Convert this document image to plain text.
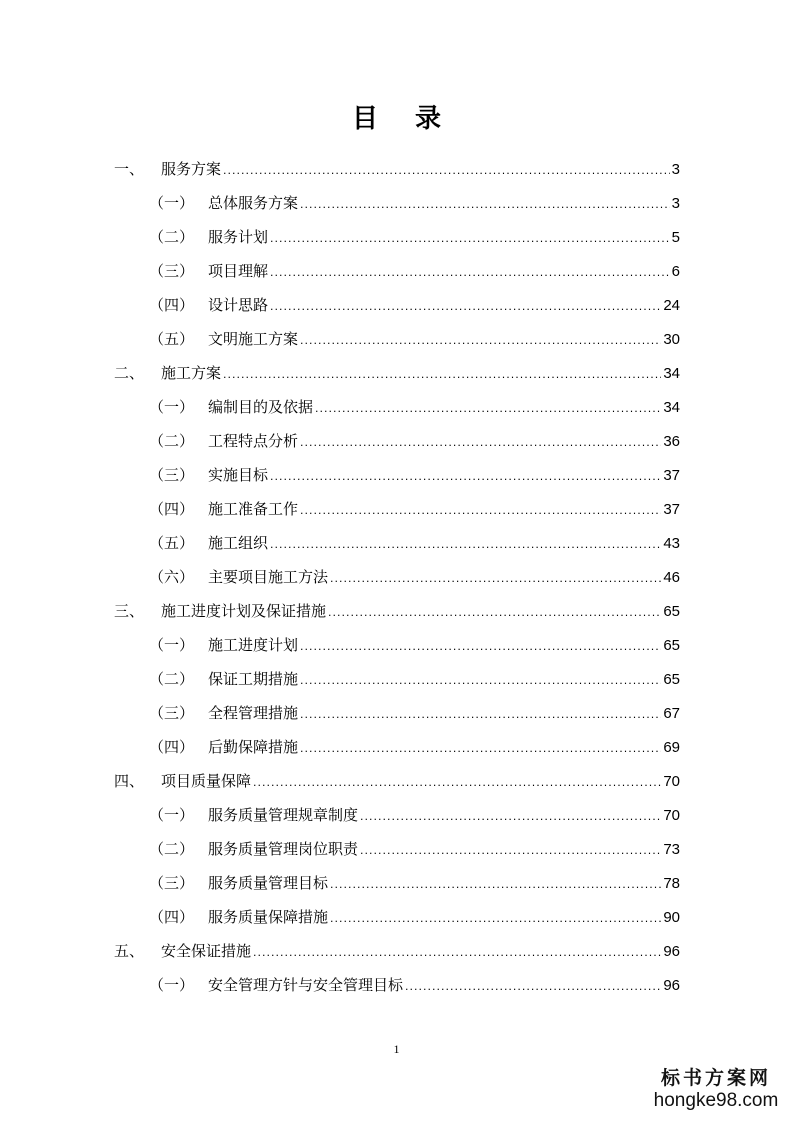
目 录
一、	服务方案 .....	3
（一） 总体服务方案 .....	3
（二） 服务计划 .....	5
（三） 项目理解 .....	6
（四） 设计思路 .....	24
（五） 文明施工方案 .....	30
二、	施工方案 .....	34
（一） 编制目的及依据 .....	34
（二） 工程特点分析 .....	36
（三） 实施目标 .....	37
（四） 施工准备工作 .....	37
（五） 施工组织 .....	43
（六） 主要项目施工方法 .....	46
三、	施工进度计划及保证措施 .....	65
（一） 施工进度计划 .....	65
（二） 保证工期措施 .....	65
（三） 全程管理措施 .....	67
（四） 后勤保障措施 .....	69
四、	项目质量保障 .....	70
（一） 服务质量管理规章制度 .....	70
（二） 服务质量管理岗位职责 .....	73
（三） 服务质量管理目标 .....	78
（四） 服务质量保障措施 .....	90
五、	安全保证措施 .....	96
（一） 安全管理方针与安全管理目标 .....	96
1
标书方案网
hongke98.com
